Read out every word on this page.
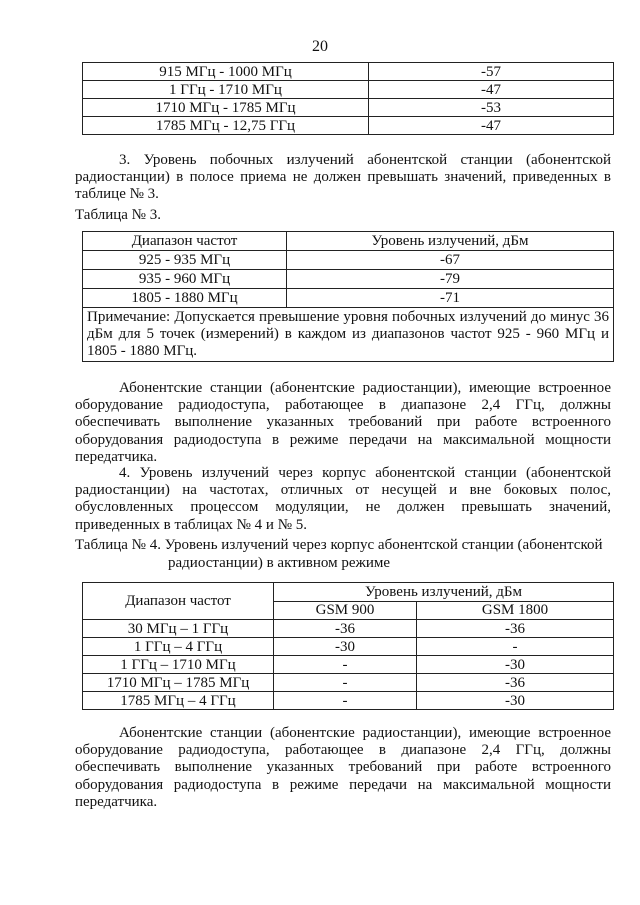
20
915 МГц - 1000 МГц	-57
1 ГГц - 1710 МГц	-47
1710 МГц - 1785 МГц	-53
1785 МГц - 12,75 ГГц	-47
3. Уровень побочных излучений абонентской станции (абонентской радиостанции) в полосе приема не должен превышать значений, приведенных в таблице № 3.
Таблица № 3.
Диапазон частот	Уровень излучений, дБм
925 - 935 МГц	-67
935 - 960 МГц	-79
1805 - 1880 МГц	-71
Примечание: Допускается превышение уровня побочных излучений до минус 36 дБм для 5 точек (измерений) в каждом из диапазонов частот 925 - 960 МГц и 1805 - 1880 МГц.	
Абонентские станции (абонентские радиостанции), имеющие встроенное оборудование радиодоступа, работающее в диапазоне 2,4 ГГц, должны обеспечивать выполнение указанных требований при работе встроенного оборудования радиодоступа в режиме передачи на максимальной мощности передатчика.
4. Уровень излучений через корпус абонентской станции (абонентской радиостанции) на частотах, отличных от несущей и вне боковых полос, обусловленных процессом модуляции, не должен превышать значений, приведенных в таблицах № 4 и № 5.
Таблица № 4. Уровень излучений через корпус абонентской станции (абонентской
радиостанции) в активном режиме
Диапазон частот	Уровень излучений, дБм	
	GSM 900	GSM 1800
30 МГц – 1 ГГц	-36	-36
1 ГГц – 4 ГГц	-30	-
1 ГГц – 1710 МГц	-	-30
1710 МГц – 1785 МГц	-	-36
1785 МГц – 4 ГГц	-	-30
Абонентские станции (абонентские радиостанции), имеющие встроенное оборудование радиодоступа, работающее в диапазоне 2,4 ГГц, должны обеспечивать выполнение указанных требований при работе встроенного оборудования радиодоступа в режиме передачи на максимальной мощности передатчика.
